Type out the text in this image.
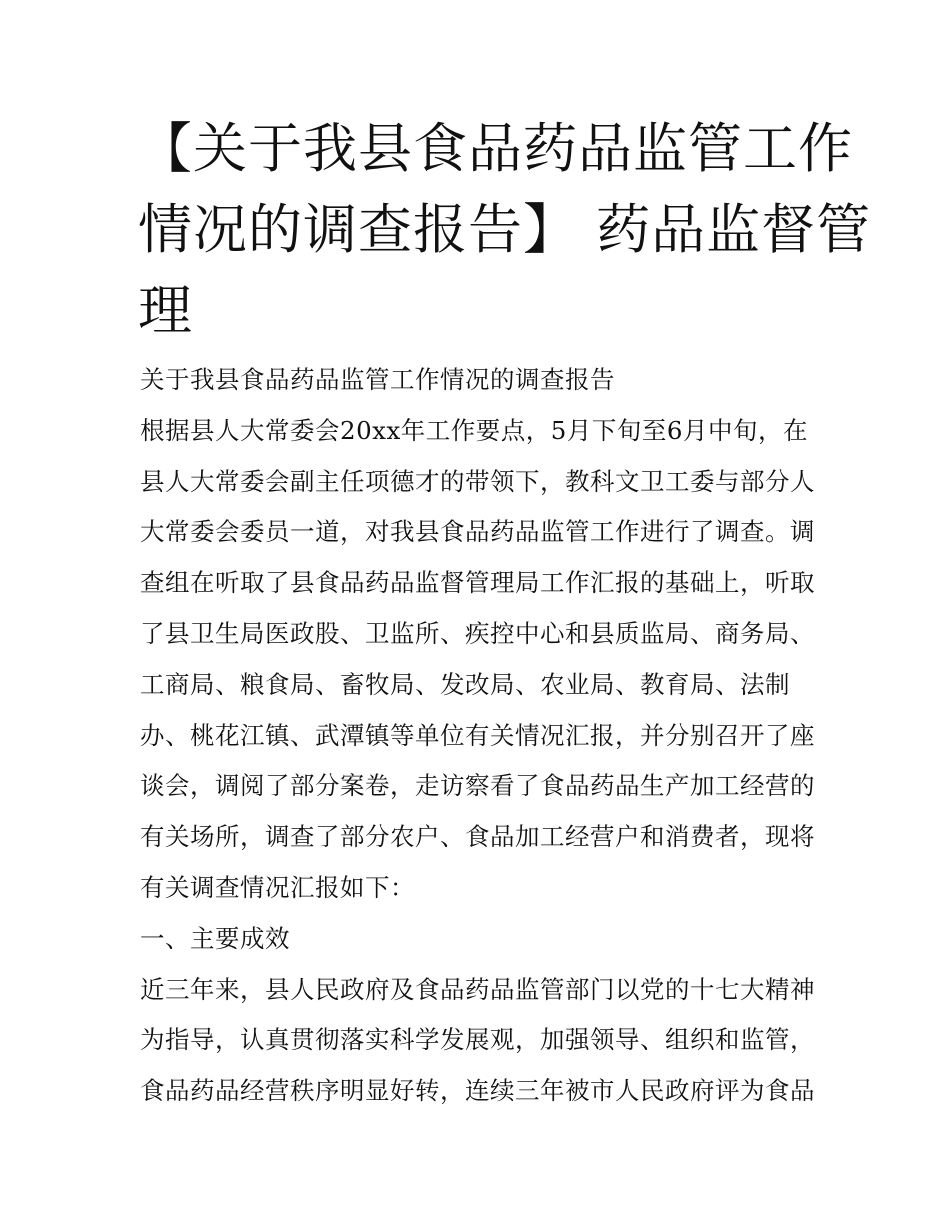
【关于我县食品药品监管工作
情况的调查报告】 药品监督管
理
关于我县食品药品监管工作情况的调查报告
根据县人大常委会20xx年工作要点，5月下旬至6月中旬，在
县人大常委会副主任项德才的带领下，教科文卫工委与部分人
大常委会委员一道，对我县食品药品监管工作进行了调查。调
查组在听取了县食品药品监督管理局工作汇报的基础上，听取
了县卫生局医政股、卫监所、疾控中心和县质监局、商务局、
工商局、粮食局、畜牧局、发改局、农业局、教育局、法制
办、桃花江镇、武潭镇等单位有关情况汇报，并分别召开了座
谈会，调阅了部分案卷，走访察看了食品药品生产加工经营的
有关场所，调查了部分农户、食品加工经营户和消费者，现将
有关调查情况汇报如下：
一、主要成效
近三年来，县人民政府及食品药品监管部门以党的十七大精神
为指导，认真贯彻落实科学发展观，加强领导、组织和监管，
食品药品经营秩序明显好转，连续三年被市人民政府评为食品
